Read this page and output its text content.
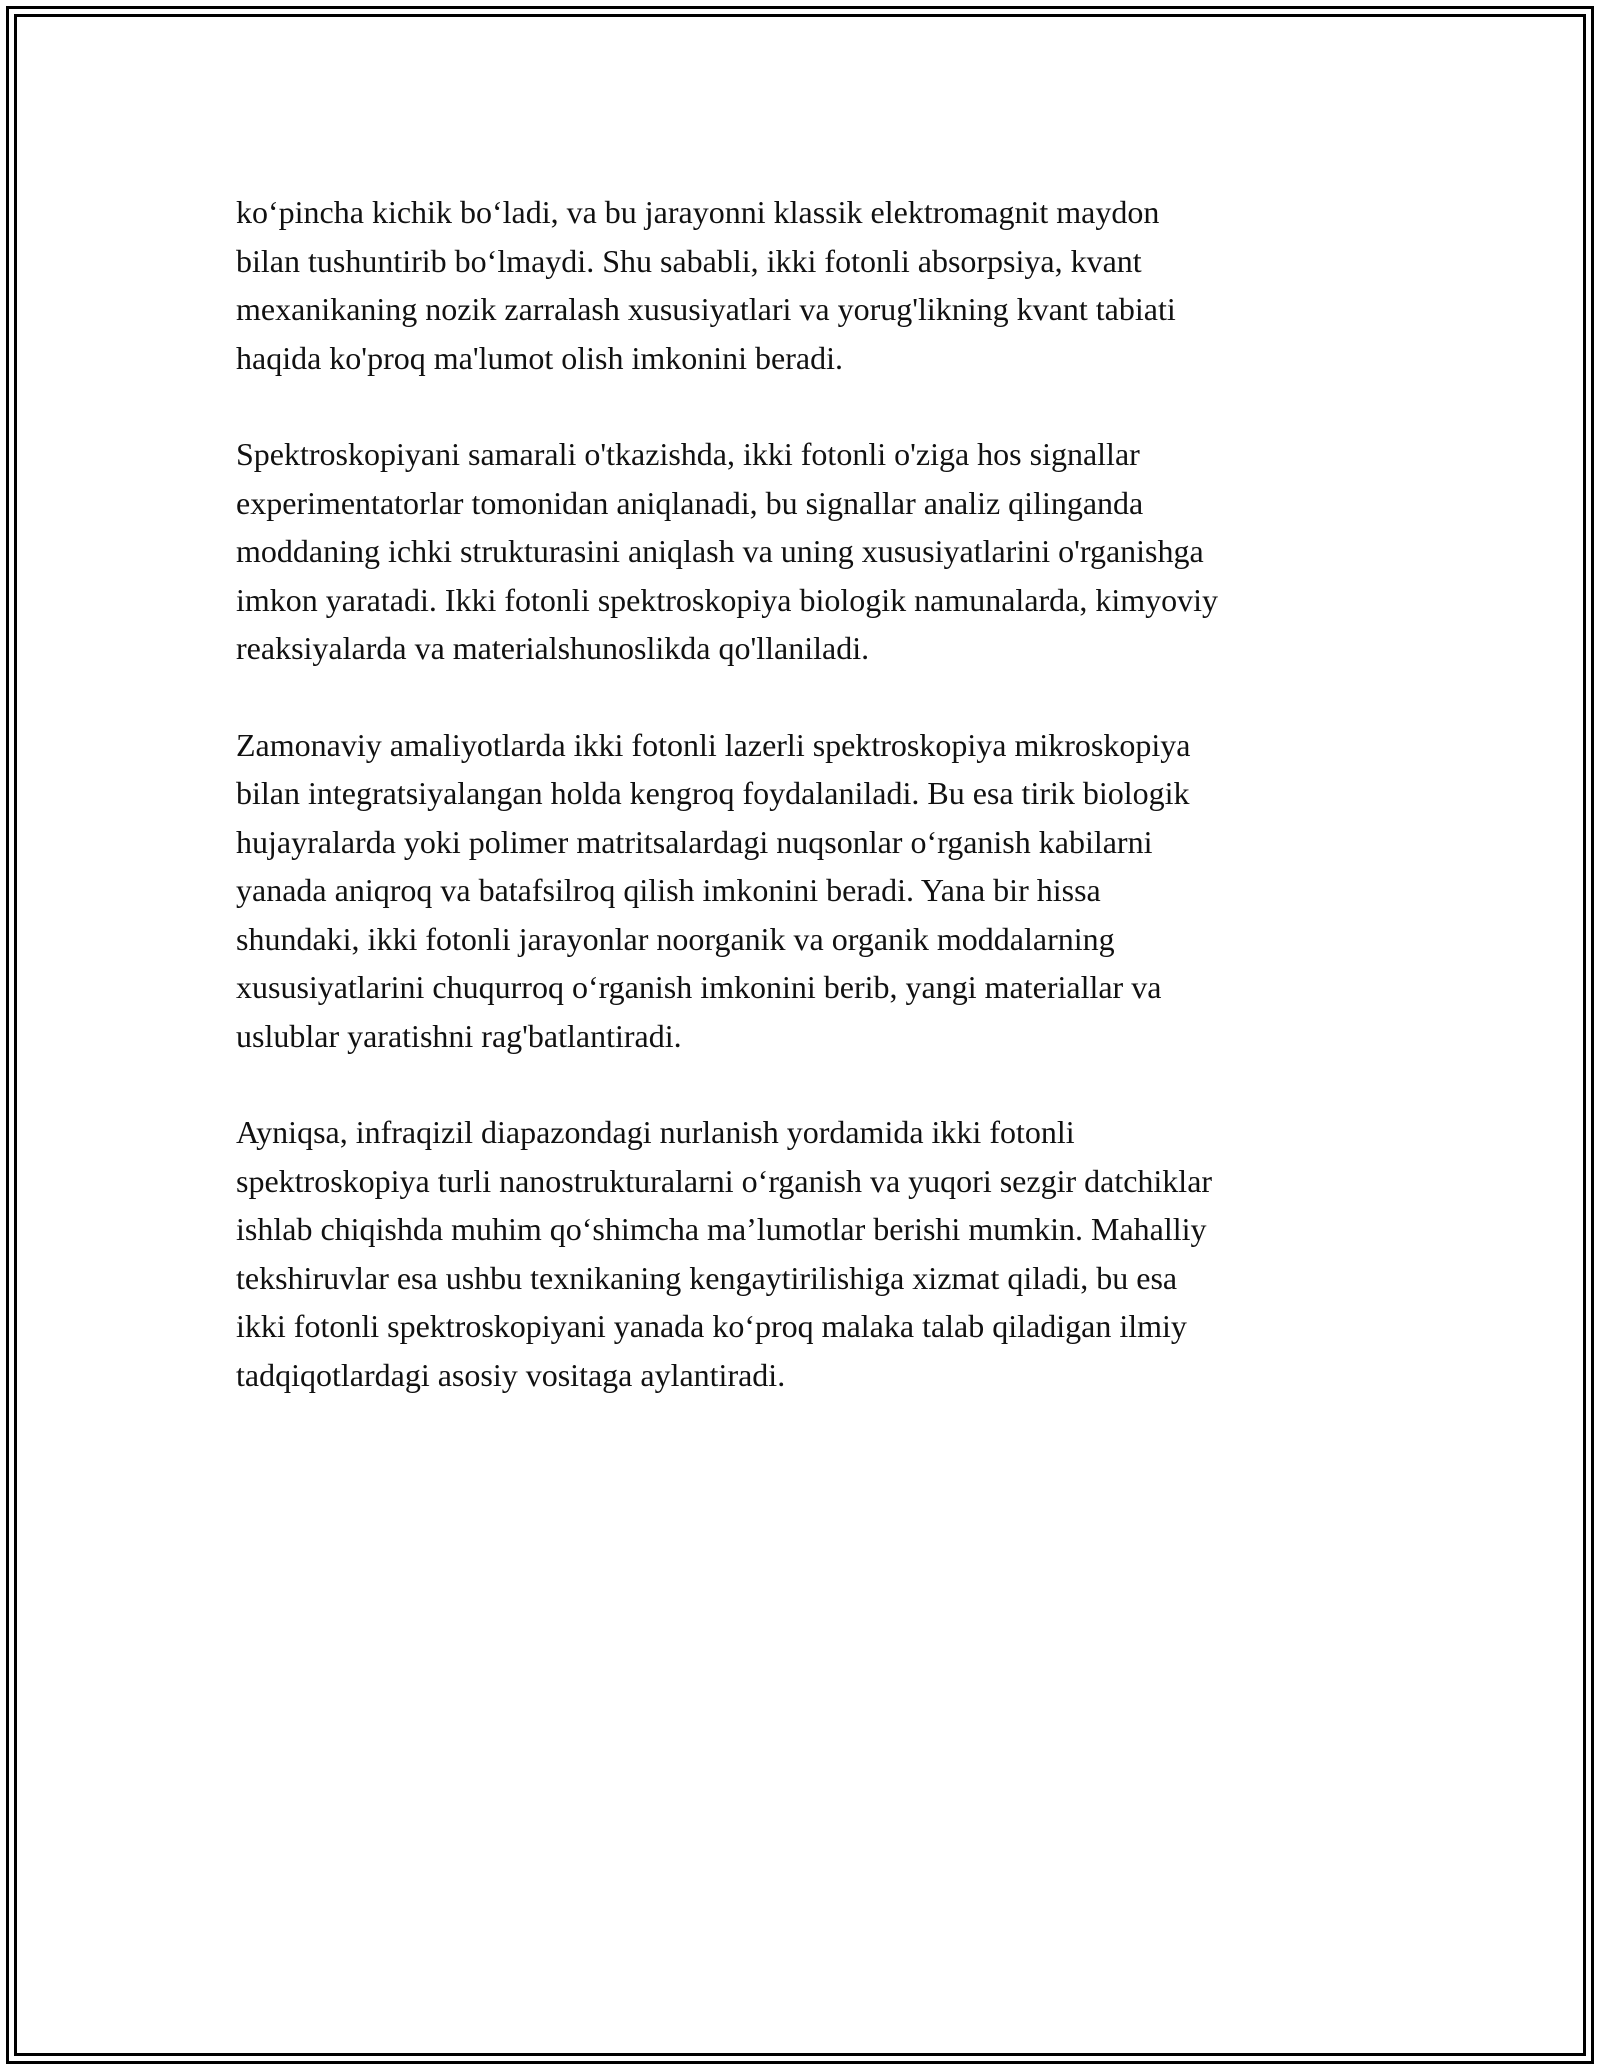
ko‘pincha kichik bo‘ladi, va bu jarayonni klassik elektromagnit maydon
bilan tushuntirib bo‘lmaydi. Shu sababli, ikki fotonli absorpsiya, kvant
mexanikaning nozik zarralash xususiyatlari va yorug'likning kvant tabiati
haqida ko'proq ma'lumot olish imkonini beradi.

Spektroskopiyani samarali o'tkazishda, ikki fotonli o'ziga hos signallar
experimentatorlar tomonidan aniqlanadi, bu signallar analiz qilinganda
moddaning ichki strukturasini aniqlash va uning xususiyatlarini o'rganishga
imkon yaratadi. Ikki fotonli spektroskopiya biologik namunalarda, kimyoviy
reaksiyalarda va materialshunoslikda qo'llaniladi.

Zamonaviy amaliyotlarda ikki fotonli lazerli spektroskopiya mikroskopiya
bilan integratsiyalangan holda kengroq foydalaniladi. Bu esa tirik biologik
hujayralarda yoki polimer matritsalardagi nuqsonlar o‘rganish kabilarni
yanada aniqroq va batafsilroq qilish imkonini beradi. Yana bir hissa
shundaki, ikki fotonli jarayonlar noorganik va organik moddalarning
xususiyatlarini chuqurroq o‘rganish imkonini berib, yangi materiallar va
uslublar yaratishni rag'batlantiradi.

Ayniqsa, infraqizil diapazondagi nurlanish yordamida ikki fotonli
spektroskopiya turli nanostrukturalarni o‘rganish va yuqori sezgir datchiklar
ishlab chiqishda muhim qo‘shimcha ma’lumotlar berishi mumkin. Mahalliy
tekshiruvlar esa ushbu texnikaning kengaytirilishiga xizmat qiladi, bu esa
ikki fotonli spektroskopiyani yanada ko‘proq malaka talab qiladigan ilmiy
tadqiqotlardagi asosiy vositaga aylantiradi.
